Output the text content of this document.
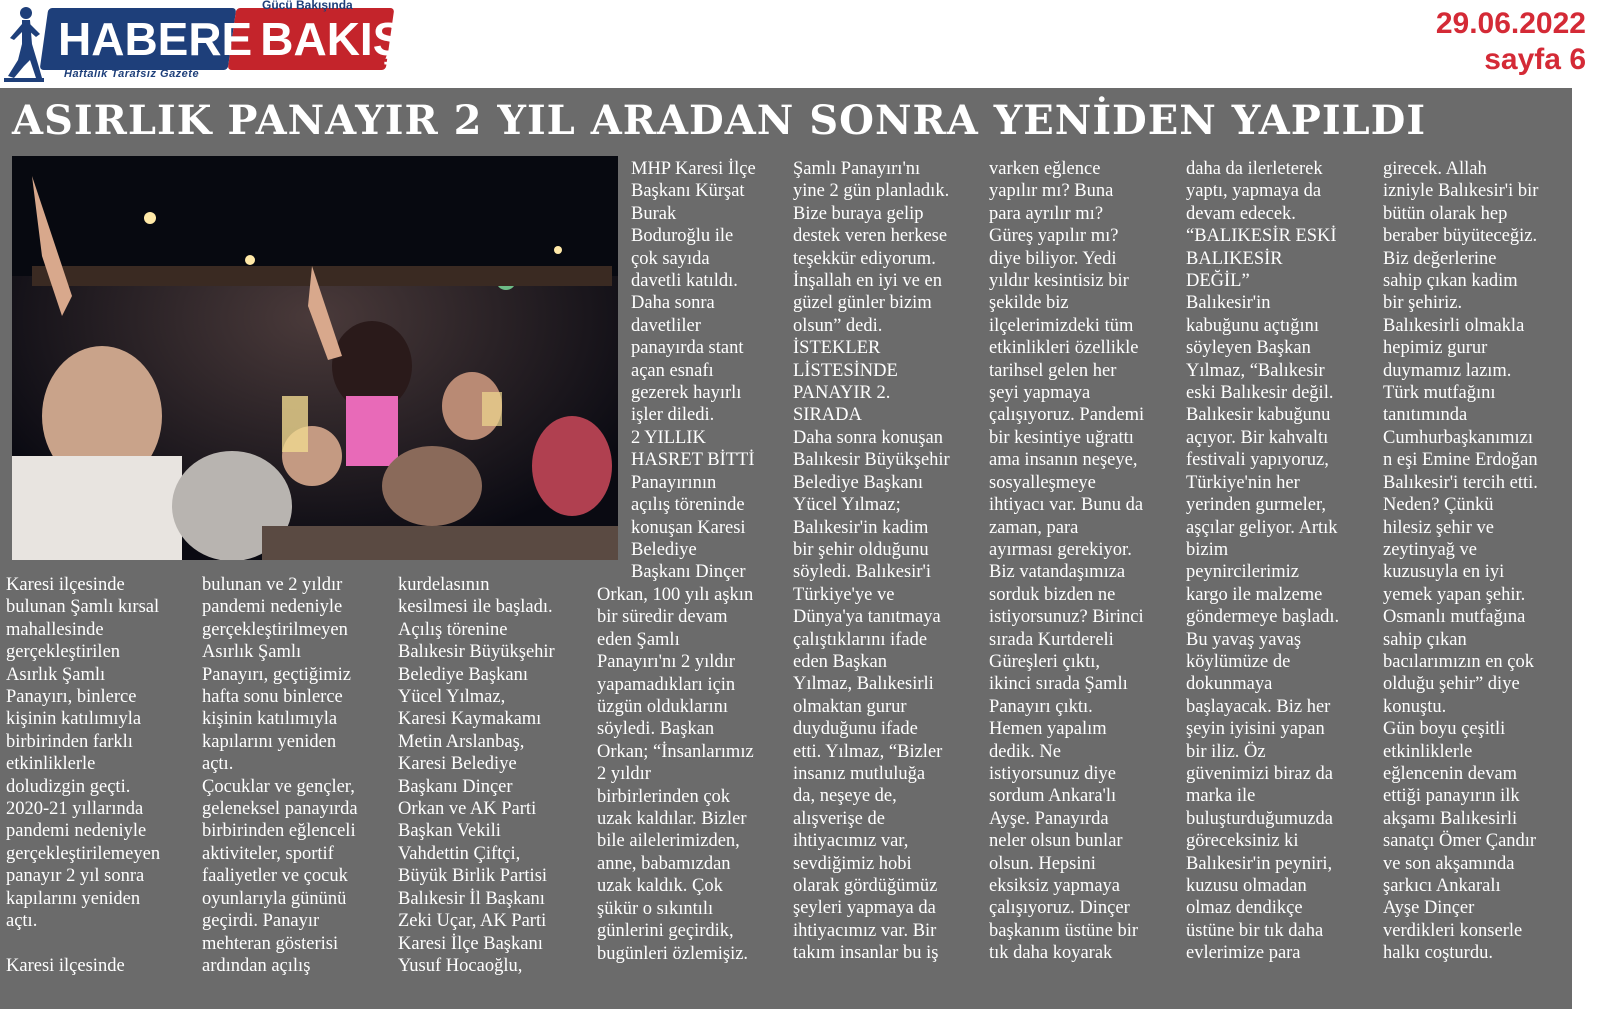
HABERE BAKIŞ
Gücü Bakışında
Haftalık Tarafsız Gazete
29.06.2022
sayfa 6
ASIRLIK PANAYIR 2 YIL ARADAN SONRA YENİDEN YAPILDI

Karesi ilçesinde
bulunan Şamlı kırsal
mahallesinde
gerçekleştirilen
Asırlık Şamlı
Panayırı, binlerce
kişinin katılımıyla
birbirinden farklı
etkinliklerle
doludizgin geçti.
2020-21 yıllarında
pandemi nedeniyle
gerçekleştirilemeyen
panayır 2 yıl sonra
kapılarını yeniden
açtı.

Karesi ilçesinde

bulunan ve 2 yıldır
pandemi nedeniyle
gerçekleştirilmeyen
Asırlık Şamlı
Panayırı, geçtiğimiz
hafta sonu binlerce
kişinin katılımıyla
kapılarını yeniden
açtı.
Çocuklar ve gençler,
geleneksel panayırda
birbirinden eğlenceli
aktiviteler, sportif
faaliyetler ve çocuk
oyunlarıyla gününü
geçirdi. Panayır
mehteran gösterisi
ardından açılış

kurdelasının
kesilmesi ile başladı.
Açılış törenine
Balıkesir Büyükşehir
Belediye Başkanı
Yücel Yılmaz,
Karesi Kaymakamı
Metin Arslanbaş,
Karesi Belediye
Başkanı Dinçer
Orkan ve AK Parti
Başkan Vekili
Vahdettin Çiftçi,
Büyük Birlik Partisi
Balıkesir İl Başkanı
Zeki Uçar, AK Parti
Karesi İlçe Başkanı
Yusuf Hocaoğlu,

MHP Karesi İlçe
Başkanı Kürşat
Burak
Boduroğlu ile
çok sayıda
davetli katıldı.
Daha sonra
davetliler
panayırda stant
açan esnafı
gezerek hayırlı
işler diledi.
2 YILLIK
HASRET BİTTİ
Panayırının
açılış töreninde
konuşan Karesi
Belediye
Başkanı Dinçer

Orkan, 100 yılı aşkın
bir süredir devam
eden Şamlı
Panayırı'nı 2 yıldır
yapamadıkları için
üzgün olduklarını
söyledi. Başkan
Orkan; “İnsanlarımız
2 yıldır
birbirlerinden çok
uzak kaldılar. Bizler
bile ailelerimizden,
anne, babamızdan
uzak kaldık. Çok
şükür o sıkıntılı
günlerini geçirdik,
bugünleri özlemişiz.

Şamlı Panayırı'nı
yine 2 gün planladık.
Bize buraya gelip
destek veren herkese
teşekkür ediyorum.
İnşallah en iyi ve en
güzel günler bizim
olsun” dedi.
İSTEKLER
LİSTESİNDE
PANAYIR 2.
SIRADA
Daha sonra konuşan
Balıkesir Büyükşehir
Belediye Başkanı
Yücel Yılmaz;
Balıkesir'in kadim
bir şehir olduğunu
söyledi. Balıkesir'i
Türkiye'ye ve
Dünya'ya tanıtmaya
çalıştıklarını ifade
eden Başkan
Yılmaz, Balıkesirli
olmaktan gurur
duyduğunu ifade
etti. Yılmaz, “Bizler
insanız mutluluğa
da, neşeye de,
alışverişe de
ihtiyacımız var,
sevdiğimiz hobi
olarak gördüğümüz
şeyleri yapmaya da
ihtiyacımız var. Bir
takım insanlar bu iş

varken eğlence
yapılır mı? Buna
para ayrılır mı?
Güreş yapılır mı?
diye biliyor. Yedi
yıldır kesintisiz bir
şekilde biz
ilçelerimizdeki tüm
etkinlikleri özellikle
tarihsel gelen her
şeyi yapmaya
çalışıyoruz. Pandemi
bir kesintiye uğrattı
ama insanın neşeye,
sosyalleşmeye
ihtiyacı var. Bunu da
zaman, para
ayırması gerekiyor.
Biz vatandaşımıza
sorduk bizden ne
istiyorsunuz? Birinci
sırada Kurtdereli
Güreşleri çıktı,
ikinci sırada Şamlı
Panayırı çıktı.
Hemen yapalım
dedik. Ne
istiyorsunuz diye
sordum Ankara'lı
Ayşe. Panayırda
neler olsun bunlar
olsun. Hepsini
eksiksiz yapmaya
çalışıyoruz. Dinçer
başkanım üstüne bir
tık daha koyarak

daha da ilerleterek
yaptı, yapmaya da
devam edecek.
“BALIKESİR ESKİ
BALIKESİR
DEĞİL”
Balıkesir'in
kabuğunu açtığını
söyleyen Başkan
Yılmaz, “Balıkesir
eski Balıkesir değil.
Balıkesir kabuğunu
açıyor. Bir kahvaltı
festivali yapıyoruz,
Türkiye'nin her
yerinden gurmeler,
aşçılar geliyor. Artık
bizim
peynircilerimiz
kargo ile malzeme
göndermeye başladı.
Bu yavaş yavaş
köylümüze de
dokunmaya
başlayacak. Biz her
şeyin iyisini yapan
bir iliz. Öz
güvenimizi biraz da
marka ile
buluşturduğumuzda
göreceksiniz ki
Balıkesir'in peyniri,
kuzusu olmadan
olmaz dendikçe
üstüne bir tık daha
evlerimize para

girecek. Allah
izniyle Balıkesir'i bir
bütün olarak hep
beraber büyüteceğiz.
Biz değerlerine
sahip çıkan kadim
bir şehiriz.
Balıkesirli olmakla
hepimiz gurur
duymamız lazım.
Türk mutfağını
tanıtımında
Cumhurbaşkanımızı
n eşi Emine Erdoğan
Balıkesir'i tercih etti.
Neden? Çünkü
hilesiz şehir ve
zeytinyağ ve
kuzusuyla en iyi
yemek yapan şehir.
Osmanlı mutfağına
sahip çıkan
bacılarımızın en çok
olduğu şehir” diye
konuştu.
Gün boyu çeşitli
etkinliklerle
eğlencenin devam
ettiği panayırın ilk
akşamı Balıkesirli
sanatçı Ömer Çandır
ve son akşamında
şarkıcı Ankaralı
Ayşe Dinçer
verdikleri konserle
halkı coşturdu.
